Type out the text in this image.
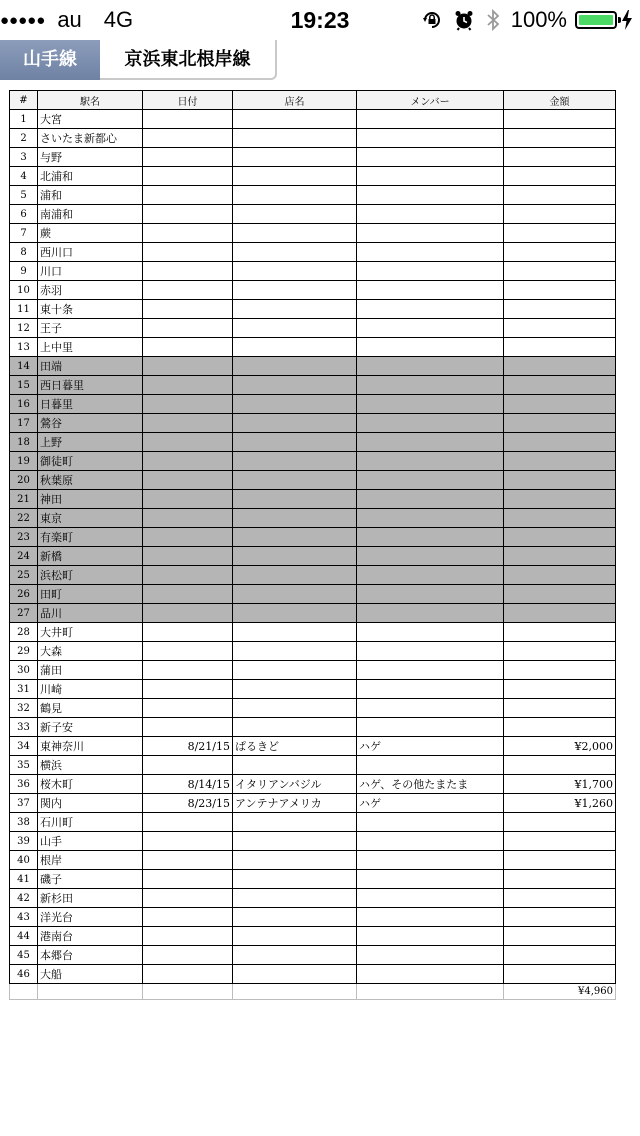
●●●●● au 4G	19:23	100%
山手線	京浜東北根岸線
#	駅名	日付	店名	メンバー	金額
1	大宮				
2	さいたま新都心				
3	与野				
4	北浦和				
5	浦和				
6	南浦和				
7	蕨				
8	西川口				
9	川口				
10	赤羽				
11	東十条				
12	王子				
13	上中里				
14	田端				
15	西日暮里				
16	日暮里				
17	鶯谷				
18	上野				
19	御徒町				
20	秋葉原				
21	神田				
22	東京				
23	有楽町				
24	新橋				
25	浜松町				
26	田町				
27	品川				
28	大井町				
29	大森				
30	蒲田				
31	川崎				
32	鶴見				
33	新子安				
34	東神奈川	8/21/15	ぱるきど	ハゲ	¥2,000
35	横浜				
36	桜木町	8/14/15	イタリアンバジル	ハゲ、その他たまたま	¥1,700
37	関内	8/23/15	アンテナアメリカ	ハゲ	¥1,260
38	石川町				
39	山手				
40	根岸				
41	磯子				
42	新杉田				
43	洋光台				
44	港南台				
45	本郷台				
46	大船				
					¥4,960
